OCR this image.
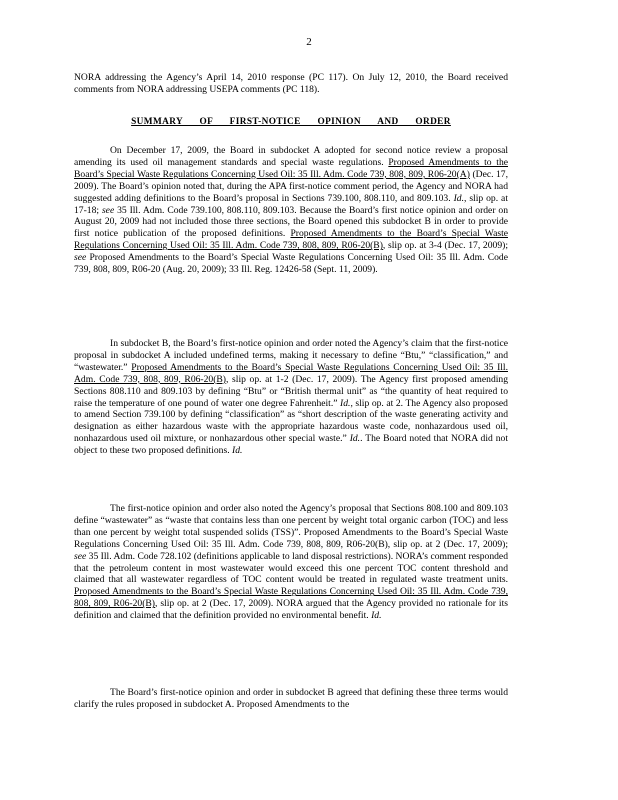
2

NORA addressing the Agency’s April 14, 2010 response (PC 117). On July 12, 2010, the Board received comments from NORA addressing USEPA comments (PC 118).

SUMMARY OF FIRST-NOTICE OPINION AND ORDER

On December 17, 2009, the Board in subdocket A adopted for second notice review a proposal amending its used oil management standards and special waste regulations. Proposed Amendments to the Board’s Special Waste Regulations Concerning Used Oil: 35 Ill. Adm. Code 739, 808, 809, R06-20(A) (Dec. 17, 2009). The Board’s opinion noted that, during the APA first-notice comment period, the Agency and NORA had suggested adding definitions to the Board’s proposal in Sections 739.100, 808.110, and 809.103. Id., slip op. at 17-18; see 35 Ill. Adm. Code 739.100, 808.110, 809.103. Because the Board’s first notice opinion and order on August 20, 2009 had not included those three sections, the Board opened this subdocket B in order to provide first notice publication of the proposed definitions. Proposed Amendments to the Board’s Special Waste Regulations Concerning Used Oil: 35 Ill. Adm. Code 739, 808, 809, R06-20(B), slip op. at 3-4 (Dec. 17, 2009); see Proposed Amendments to the Board’s Special Waste Regulations Concerning Used Oil: 35 Ill. Adm. Code 739, 808, 809, R06-20 (Aug. 20, 2009); 33 Ill. Reg. 12426-58 (Sept. 11, 2009).

In subdocket B, the Board’s first-notice opinion and order noted the Agency’s claim that the first-notice proposal in subdocket A included undefined terms, making it necessary to define “Btu,” “classification,” and “wastewater.” Proposed Amendments to the Board’s Special Waste Regulations Concerning Used Oil: 35 Ill. Adm. Code 739, 808, 809, R06-20(B), slip op. at 1-2 (Dec. 17, 2009). The Agency first proposed amending Sections 808.110 and 809.103 by defining “Btu” or “British thermal unit” as “the quantity of heat required to raise the temperature of one pound of water one degree Fahrenheit.” Id., slip op. at 2. The Agency also proposed to amend Section 739.100 by defining “classification” as “short description of the waste generating activity and designation as either hazardous waste with the appropriate hazardous waste code, nonhazardous used oil, nonhazardous used oil mixture, or nonhazardous other special waste.” Id.. The Board noted that NORA did not object to these two proposed definitions. Id.

The first-notice opinion and order also noted the Agency’s proposal that Sections 808.100 and 809.103 define “wastewater” as “waste that contains less than one percent by weight total organic carbon (TOC) and less than one percent by weight total suspended solids (TSS)”. Proposed Amendments to the Board’s Special Waste Regulations Concerning Used Oil: 35 Ill. Adm. Code 739, 808, 809, R06-20(B), slip op. at 2 (Dec. 17, 2009); see 35 Ill. Adm. Code 728.102 (definitions applicable to land disposal restrictions). NORA’s comment responded that the petroleum content in most wastewater would exceed this one percent TOC content threshold and claimed that all wastewater regardless of TOC content would be treated in regulated waste treatment units. Proposed Amendments to the Board’s Special Waste Regulations Concerning Used Oil: 35 Ill. Adm. Code 739, 808, 809, R06-20(B), slip op. at 2 (Dec. 17, 2009). NORA argued that the Agency provided no rationale for its definition and claimed that the definition provided no environmental benefit. Id.

The Board’s first-notice opinion and order in subdocket B agreed that defining these three terms would clarify the rules proposed in subdocket A. Proposed Amendments to the
